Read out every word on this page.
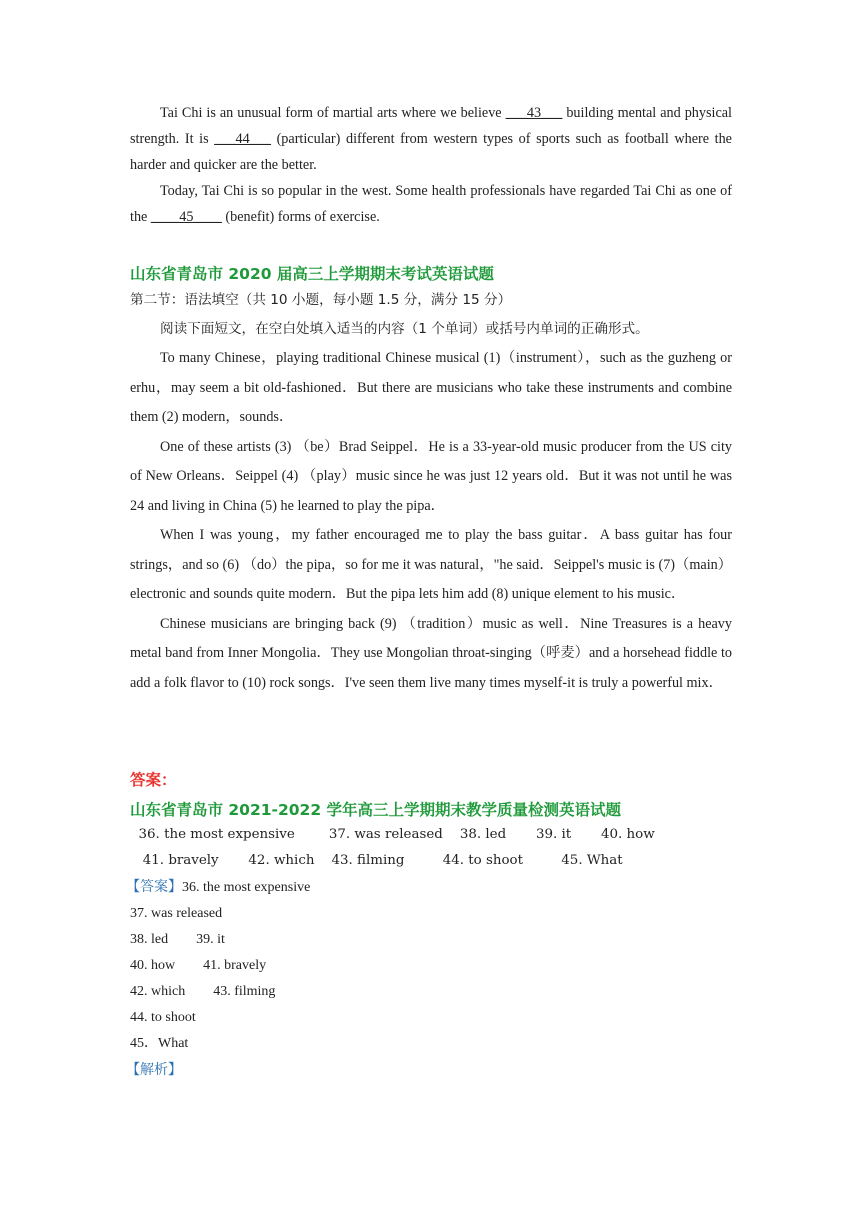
Tai Chi is an unusual form of martial arts where we believe ___43___ building mental and physical strength. It is ___44___ (particular) different from western types of sports such as football where the harder and quicker are the better.

Today, Tai Chi is so popular in the west. Some health professionals have regarded Tai Chi as one of the ____45____ (benefit) forms of exercise.

山东省青岛市 2020 届高三上学期期末考试英语试题

第二节：语法填空（共 10 小题，每小题 1.5 分，满分 15 分）

阅读下面短文，在空白处填入适当的内容（1 个单词）或括号内单词的正确形式。

To many Chinese，playing traditional Chinese musical (1)（instrument），such as the guzheng or erhu，may seem a bit old-fashioned．But there are musicians who take these instruments and combine them (2) modern，sounds．

One of these artists (3) （be）Brad Seippel．He is a 33-year-old music producer from the US city of New Orleans．Seippel (4) （play）music since he was just 12 years old．But it was not until he was 24 and living in China (5) he learned to play the pipa．

When I was young，my father encouraged me to play the bass guitar．A bass guitar has four strings，and so (6) （do）the pipa，so for me it was natural，"he said．Seippel's music is (7)（main）electronic and sounds quite modern．But the pipa lets him add (8) unique element to his music．

Chinese musicians are bringing back (9) （tradition）music as well．Nine Treasures is a heavy metal band from Inner Mongolia．They use Mongolian throat-singing（呼麦）and a horsehead fiddle to add a folk flavor to (10) rock songs．I've seen them live many times myself-it is truly a powerful mix．

答案：

山东省青岛市 2021-2022 学年高三上学期期末教学质量检测英语试题

36. the most expensive        37. was released    38. led       39. it       40. how

41. bravely       42. which    43. filming         44. to shoot         45. What

【答案】36. the most expensive

37. was released

38. led        39. it

40. how        41. bravely

42. which        43. filming

44. to shoot

45．What

【解析】
